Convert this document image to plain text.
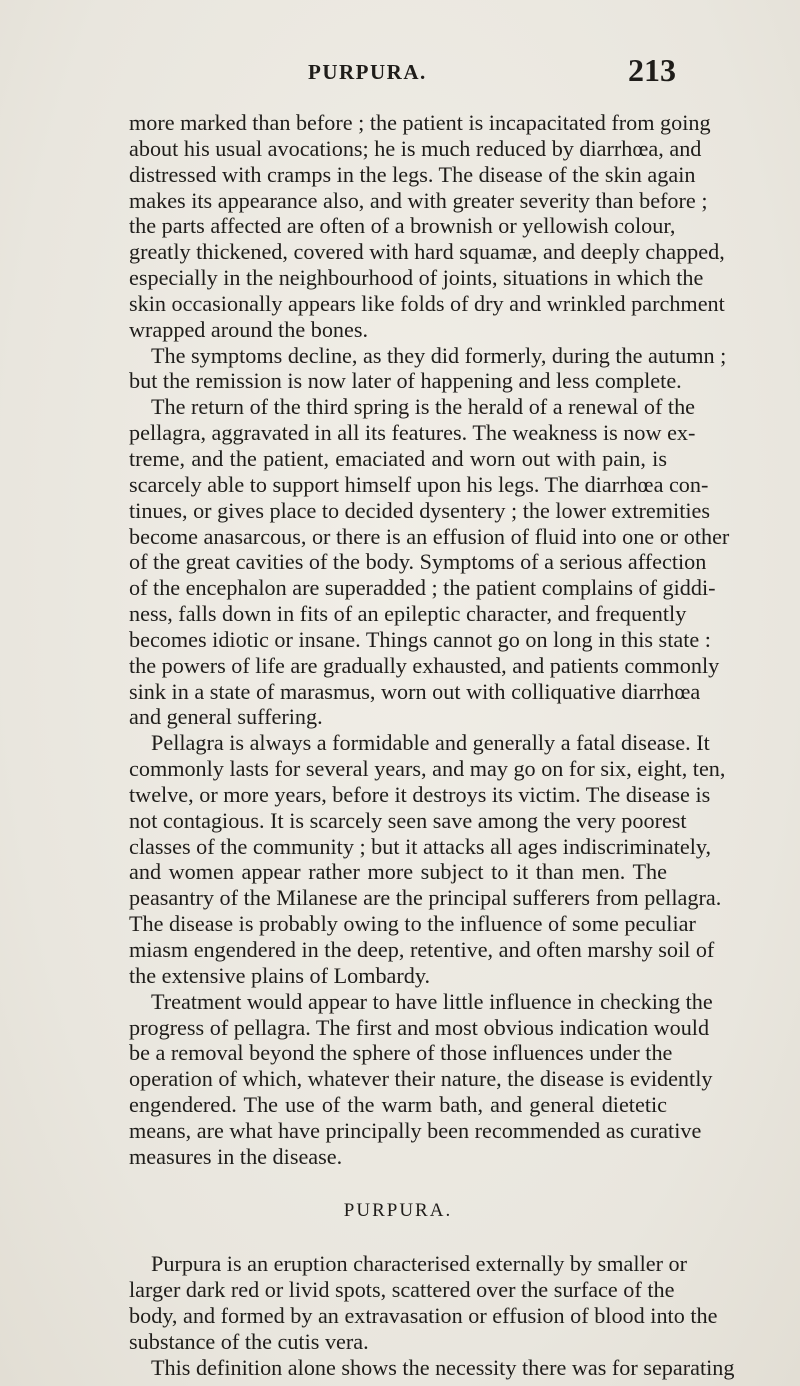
PURPURA.	213
more marked than before ; the patient is incapacitated from going
about his usual avocations; he is much reduced by diarrhœa, and
distressed with cramps in the legs. The disease of the skin again
makes its appearance also, and with greater severity than before ;
the parts affected are often of a brownish or yellowish colour,
greatly thickened, covered with hard squamæ, and deeply chapped,
especially in the neighbourhood of joints, situations in which the
skin occasionally appears like folds of dry and wrinkled parchment
wrapped around the bones.
The symptoms decline, as they did formerly, during the autumn ;
but the remission is now later of happening and less complete.
The return of the third spring is the herald of a renewal of the
pellagra, aggravated in all its features. The weakness is now ex-
treme, and the patient, emaciated and worn out with pain, is
scarcely able to support himself upon his legs. The diarrhœa con-
tinues, or gives place to decided dysentery ; the lower extremities
become anasarcous, or there is an effusion of fluid into one or other
of the great cavities of the body. Symptoms of a serious affection
of the encephalon are superadded ; the patient complains of giddi-
ness, falls down in fits of an epileptic character, and frequently
becomes idiotic or insane. Things cannot go on long in this state :
the powers of life are gradually exhausted, and patients commonly
sink in a state of marasmus, worn out with colliquative diarrhœa
and general suffering.
Pellagra is always a formidable and generally a fatal disease. It
commonly lasts for several years, and may go on for six, eight, ten,
twelve, or more years, before it destroys its victim. The disease is
not contagious. It is scarcely seen save among the very poorest
classes of the community ; but it attacks all ages indiscriminately,
and women appear rather more subject to it than men. The
peasantry of the Milanese are the principal sufferers from pellagra.
The disease is probably owing to the influence of some peculiar
miasm engendered in the deep, retentive, and often marshy soil of
the extensive plains of Lombardy.
Treatment would appear to have little influence in checking the
progress of pellagra. The first and most obvious indication would
be a removal beyond the sphere of those influences under the
operation of which, whatever their nature, the disease is evidently
engendered. The use of the warm bath, and general dietetic
means, are what have principally been recommended as curative
measures in the disease.
PURPURA.
Purpura is an eruption characterised externally by smaller or
larger dark red or livid spots, scattered over the surface of the
body, and formed by an extravasation or effusion of blood into the
substance of the cutis vera.
This definition alone shows the necessity there was for separating
